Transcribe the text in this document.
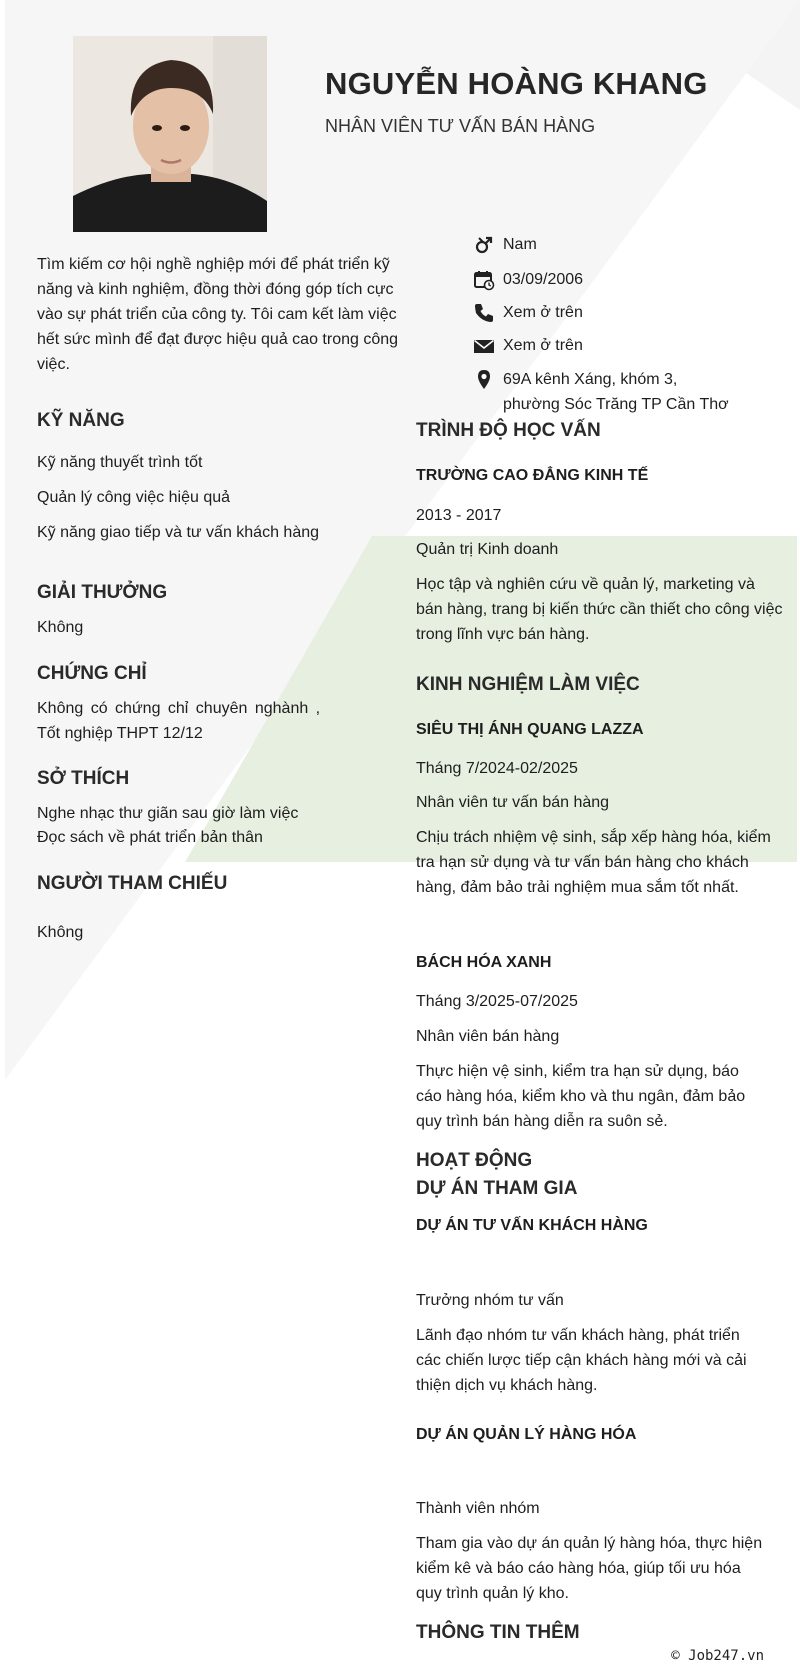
NGUYỄN HOÀNG KHANG
NHÂN VIÊN TƯ VẤN BÁN HÀNG
Tìm kiếm cơ hội nghề nghiệp mới để phát triển kỹ năng và kinh nghiệm, đồng thời đóng góp tích cực vào sự phát triển của công ty. Tôi cam kết làm việc hết sức mình để đạt được hiệu quả cao trong công việc.
Nam
03/09/2006
Xem ở trên
Xem ở trên
69A kênh Xáng, khóm 3, phường Sóc Trăng TP Cần Thơ
KỸ NĂNG
Kỹ năng thuyết trình tốt
Quản lý công việc hiệu quả
Kỹ năng giao tiếp và tư vấn khách hàng
GIẢI THƯỞNG
Không
CHỨNG CHỈ
Không có chứng chỉ chuyên nghành ,
Tốt nghiệp THPT 12/12
SỞ THÍCH
Nghe nhạc thư giãn sau giờ làm việc
Đọc sách về phát triển bản thân
NGƯỜI THAM CHIẾU
Không
TRÌNH ĐỘ HỌC VẤN
TRƯỜNG CAO ĐẲNG KINH TẾ
2013 - 2017
Quản trị Kinh doanh
Học tập và nghiên cứu về quản lý, marketing và bán hàng, trang bị kiến thức cần thiết cho công việc trong lĩnh vực bán hàng.
KINH NGHIỆM LÀM VIỆC
SIÊU THỊ ÁNH QUANG LAZZA
Tháng 7/2024-02/2025
Nhân viên tư vấn bán hàng
Chịu trách nhiệm vệ sinh, sắp xếp hàng hóa, kiểm tra hạn sử dụng và tư vấn bán hàng cho khách hàng, đảm bảo trải nghiệm mua sắm tốt nhất.
BÁCH HÓA XANH
Tháng 3/2025-07/2025
Nhân viên bán hàng
Thực hiện vệ sinh, kiểm tra hạn sử dụng, báo cáo hàng hóa, kiểm kho và thu ngân, đảm bảo quy trình bán hàng diễn ra suôn sẻ.
HOẠT ĐỘNG
DỰ ÁN THAM GIA
DỰ ÁN TƯ VẤN KHÁCH HÀNG
Trưởng nhóm tư vấn
Lãnh đạo nhóm tư vấn khách hàng, phát triển các chiến lược tiếp cận khách hàng mới và cải thiện dịch vụ khách hàng.
DỰ ÁN QUẢN LÝ HÀNG HÓA
Thành viên nhóm
Tham gia vào dự án quản lý hàng hóa, thực hiện kiểm kê và báo cáo hàng hóa, giúp tối ưu hóa quy trình quản lý kho.
THÔNG TIN THÊM
© Job247.vn
